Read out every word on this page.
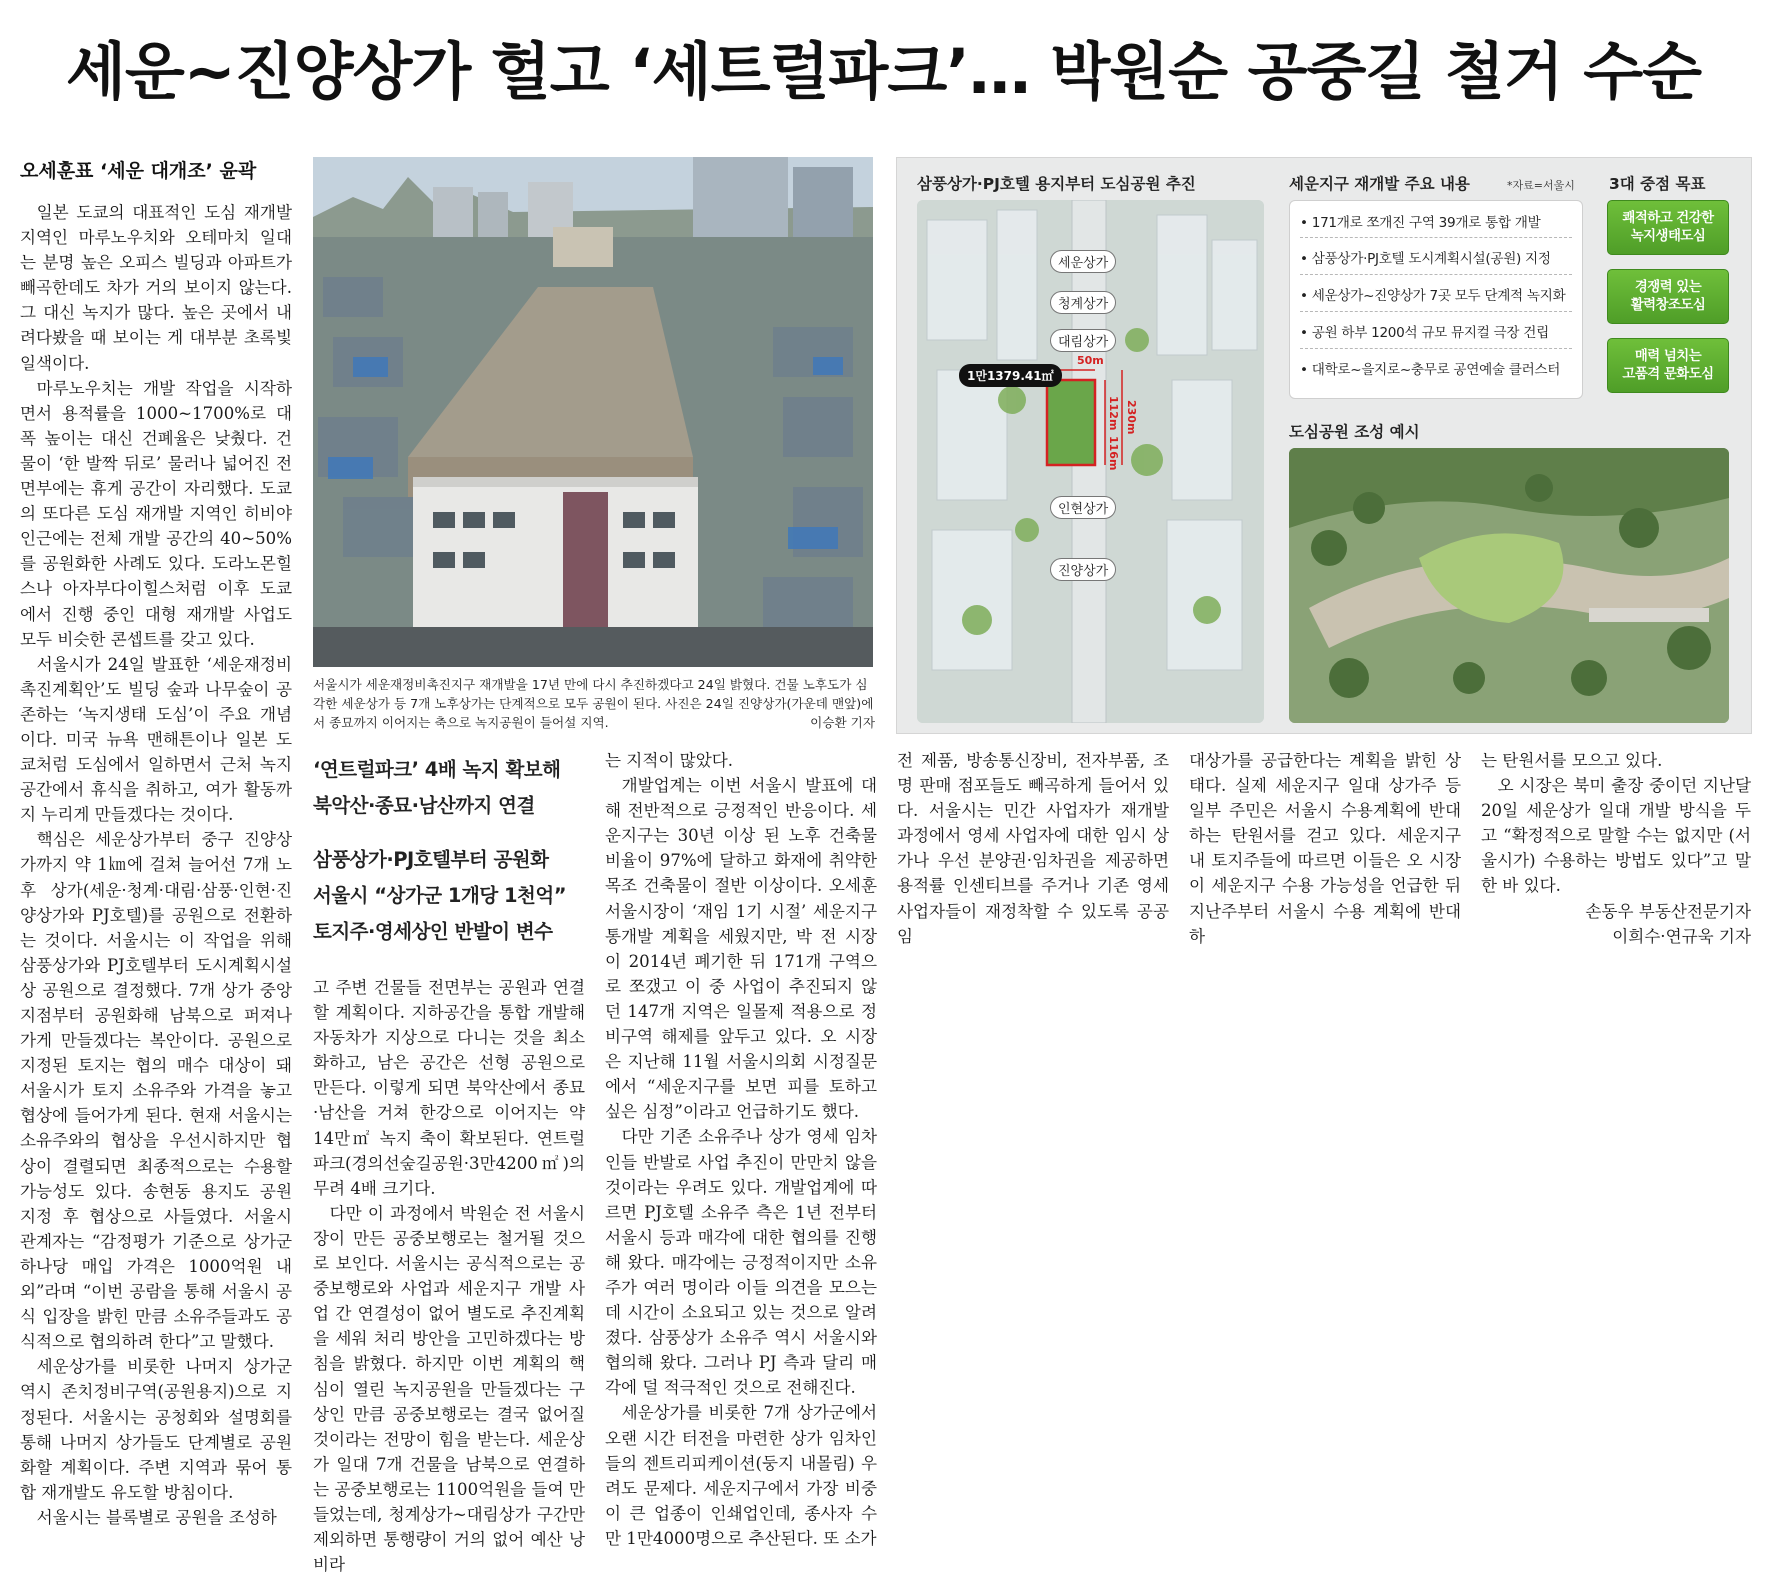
세운~진양상가 헐고 ‘세트럴파크’… 박원순 공중길 철거 수순
오세훈표 ‘세운 대개조’ 윤곽

일본 도쿄의 대표적인 도심 재개발 지역인 마루노우치와 오테마치 일대는 분명 높은 오피스 빌딩과 아파트가 빼곡한데도 차가 거의 보이지 않는다. 그 대신 녹지가 많다. 높은 곳에서 내려다봤을 때 보이는 게 대부분 초록빛 일색이다.

마루노우치는 개발 작업을 시작하면서 용적률을 1000~1700%로 대폭 높이는 대신 건폐율은 낮췄다. 건물이 ‘한 발짝 뒤로’ 물러나 넓어진 전면부에는 휴게 공간이 자리했다. 도쿄의 또다른 도심 재개발 지역인 히비야 인근에는 전체 개발 공간의 40~50%를 공원화한 사례도 있다. 도라노몬힐스나 아자부다이힐스처럼 이후 도쿄에서 진행 중인 대형 재개발 사업도 모두 비슷한 콘셉트를 갖고 있다.

서울시가 24일 발표한 ‘세운재정비촉진계획안’도 빌딩 숲과 나무숲이 공존하는 ‘녹지생태 도심’이 주요 개념이다. 미국 뉴욕 맨해튼이나 일본 도쿄처럼 도심에서 일하면서 근처 녹지 공간에서 휴식을 취하고, 여가 활동까지 누리게 만들겠다는 것이다.

핵심은 세운상가부터 중구 진양상가까지 약 1㎞에 걸쳐 늘어선 7개 노후 상가(세운·청계·대림·삼풍·인현·진양상가와 PJ호텔)를 공원으로 전환하는 것이다. 서울시는 이 작업을 위해 삼풍상가와 PJ호텔부터 도시계획시설상 공원으로 결정했다. 7개 상가 중앙 지점부터 공원화해 남북으로 퍼져나가게 만들겠다는 복안이다. 공원으로 지정된 토지는 협의 매수 대상이 돼 서울시가 토지 소유주와 가격을 놓고 협상에 들어가게 된다. 현재 서울시는 소유주와의 협상을 우선시하지만 협상이 결렬되면 최종적으로는 수용할 가능성도 있다. 송현동 용지도 공원 지정 후 협상으로 사들였다. 서울시 관계자는 “감정평가 기준으로 상가군 하나당 매입 가격은 1000억원 내외”라며 “이번 공람을 통해 서울시 공식 입장을 밝힌 만큼 소유주들과도 공식적으로 협의하려 한다”고 말했다.

세운상가를 비롯한 나머지 상가군 역시 존치정비구역(공원용지)으로 지정된다. 서울시는 공청회와 설명회를 통해 나머지 상가들도 단계별로 공원화할 계획이다. 주변 지역과 묶어 통합 재개발도 유도할 방침이다.

서울시는 블록별로 공원을 조성하

서울시가 세운재정비촉진지구 재개발을 17년 만에 다시 추진하겠다고 24일 밝혔다. 건물 노후도가 심각한 세운상가 등 7개 노후상가는 단계적으로 모두 공원이 된다. 사진은 24일 진양상가(가운데 맨앞)에서 종묘까지 이어지는 축으로 녹지공원이 들어설 지역.	이승환 기자
‘연트럴파크’ 4배 녹지 확보해
북악산·종묘·남산까지 연결
삼풍상가·PJ호텔부터 공원화
서울시 “상가군 1개당 1천억”
토지주·영세상인 반발이 변수

고 주변 건물들 전면부는 공원과 연결할 계획이다. 지하공간을 통합 개발해 자동차가 지상으로 다니는 것을 최소화하고, 남은 공간은 선형 공원으로 만든다. 이렇게 되면 북악산에서 종묘·남산을 거쳐 한강으로 이어지는 약 14만㎡ 녹지 축이 확보된다. 연트럴파크(경의선숲길공원·3만4200㎡)의 무려 4배 크기다.

다만 이 과정에서 박원순 전 서울시장이 만든 공중보행로는 철거될 것으로 보인다. 서울시는 공식적으로는 공중보행로와 사업과 세운지구 개발 사업 간 연결성이 없어 별도로 추진계획을 세워 처리 방안을 고민하겠다는 방침을 밝혔다. 하지만 이번 계획의 핵심이 열린 녹지공원을 만들겠다는 구상인 만큼 공중보행로는 결국 없어질 것이라는 전망이 힘을 받는다. 세운상가 일대 7개 건물을 남북으로 연결하는 공중보행로는 1100억원을 들여 만들었는데, 청계상가~대림상가 구간만 제외하면 통행량이 거의 없어 예산 낭비라

는 지적이 많았다.

개발업계는 이번 서울시 발표에 대해 전반적으로 긍정적인 반응이다. 세운지구는 30년 이상 된 노후 건축물 비율이 97%에 달하고 화재에 취약한 목조 건축물이 절반 이상이다. 오세훈 서울시장이 ‘재임 1기 시절’ 세운지구 통개발 계획을 세웠지만, 박 전 시장이 2014년 폐기한 뒤 171개 구역으로 쪼갰고 이 중 사업이 추진되지 않던 147개 지역은 일몰제 적용으로 정비구역 해제를 앞두고 있다. 오 시장은 지난해 11월 서울시의회 시정질문에서 “세운지구를 보면 피를 토하고 싶은 심정”이라고 언급하기도 했다.

다만 기존 소유주나 상가 영세 임차인들 반발로 사업 추진이 만만치 않을 것이라는 우려도 있다. 개발업계에 따르면 PJ호텔 소유주 측은 1년 전부터 서울시 등과 매각에 대한 협의를 진행해 왔다. 매각에는 긍정적이지만 소유주가 여러 명이라 이들 의견을 모으는 데 시간이 소요되고 있는 것으로 알려졌다. 삼풍상가 소유주 역시 서울시와 협의해 왔다. 그러나 PJ 측과 달리 매각에 덜 적극적인 것으로 전해진다.

세운상가를 비롯한 7개 상가군에서 오랜 시간 터전을 마련한 상가 임차인들의 젠트리피케이션(둥지 내몰림) 우려도 문제다. 세운지구에서 가장 비중이 큰 업종이 인쇄업인데, 종사자 수만 1만4000명으로 추산된다. 또 소가

전 제품, 방송통신장비, 전자부품, 조명 판매 점포들도 빼곡하게 들어서 있다. 서울시는 민간 사업자가 재개발 과정에서 영세 사업자에 대한 임시 상가나 우선 분양권·임차권을 제공하면 용적률 인센티브를 주거나 기존 영세 사업자들이 재정착할 수 있도록 공공임

대상가를 공급한다는 계획을 밝힌 상태다. 실제 세운지구 일대 상가주 등 일부 주민은 서울시 수용계획에 반대하는 탄원서를 걷고 있다. 세운지구 내 토지주들에 따르면 이들은 오 시장이 세운지구 수용 가능성을 언급한 뒤 지난주부터 서울시 수용 계획에 반대하

는 탄원서를 모으고 있다.

오 시장은 북미 출장 중이던 지난달 20일 세운상가 일대 개발 방식을 두고 “확정적으로 말할 수는 없지만 (서울시가) 수용하는 방법도 있다”고 말한 바 있다.

손동우 부동산전문기자

이희수·연규욱 기자

삼풍상가·PJ호텔 용지부터 도심공원 추진
세운상가
청계상가
대림상가
인현상가
진양상가
1만1379.41㎡
50m
112m
116m
230m
세운지구 재개발 주요 내용	*자료=서울시
• 171개로 쪼개진 구역 39개로 통합 개발
• 삼풍상가·PJ호텔 도시계획시설(공원) 지정
• 세운상가~진양상가 7곳 모두 단계적 녹지화
• 공원 하부 1200석 규모 뮤지컬 극장 건립
• 대학로~을지로~충무로 공연예술 클러스터
3대 중점 목표
쾌적하고 건강한
녹지생태도심
경쟁력 있는
활력창조도심
매력 넘치는
고품격 문화도심
도심공원 조성 예시
